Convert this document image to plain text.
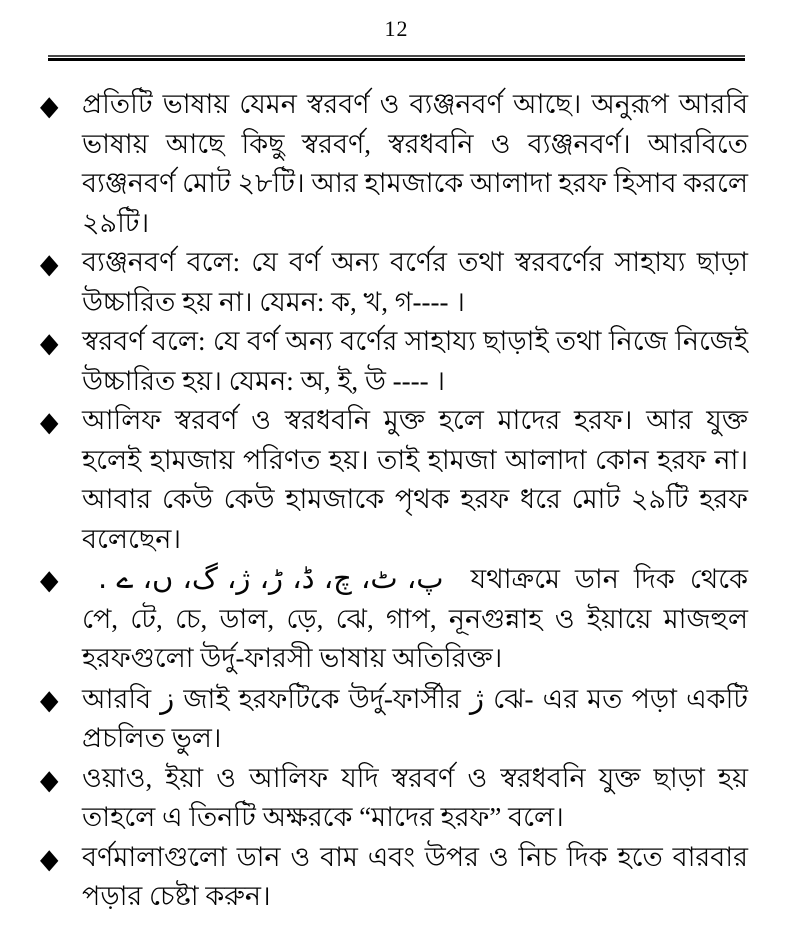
12
◆ প্রতিটি ভাষায় যেমন স্বরবর্ণ ও ব্যঞ্জনবর্ণ আছে। অনুরূপ আরবি ভাষায় আছে কিছু স্বরবর্ণ, স্বরধবনি ও ব্যঞ্জনবর্ণ। আরবিতে ব্যঞ্জনবর্ণ মোট ২৮টি। আর হামজাকে আলাদা হরফ হিসাব করলে ২৯টি।
◆ ব্যঞ্জনবর্ণ বলে: যে বর্ণ অন্য বর্ণের তথা স্বরবর্ণের সাহায্য ছাড়া উচ্চারিত হয় না। যেমন: ক, খ, গ---- ।
◆ স্বরবর্ণ বলে: যে বর্ণ অন্য বর্ণের সাহায্য ছাড়াই তথা নিজে নিজেই উচ্চারিত হয়। যেমন: অ, ই, উ ---- ।
◆ আলিফ স্বরবর্ণ ও স্বরধবনি মুক্ত হলে মাদের হরফ। আর যুক্ত হলেই হামজায় পরিণত হয়। তাই হামজা আলাদা কোন হরফ না। আবার কেউ কেউ হামজাকে পৃথক হরফ ধরে মোট ২৯টি হরফ বলেছেন।
◆	پ، ٹ، چ، ڈ، ڑ، ژ، گ، ں، ے . যথাক্রমে ডান দিক থেকে পে, টে, চে, ডাল, ড়ে, ঝে, গাপ, নূনগুন্নাহ ও ইয়ায়ে মাজহুল হরফগুলো উর্দু-ফারসী ভাষায় অতিরিক্ত।
◆ আরবি ز জাই হরফটিকে উর্দু-ফার্সীর ژ ঝে- এর মত পড়া একটি প্রচলিত ভুল।
◆ ওয়াও, ইয়া ও আলিফ যদি স্বরবর্ণ ও স্বরধবনি যুক্ত ছাড়া হয় তাহলে এ তিনটি অক্ষরকে “মাদের হরফ” বলে।
◆ বর্ণমালাগুলো ডান ও বাম এবং উপর ও নিচ দিক হতে বারবার পড়ার চেষ্টা করুন।
